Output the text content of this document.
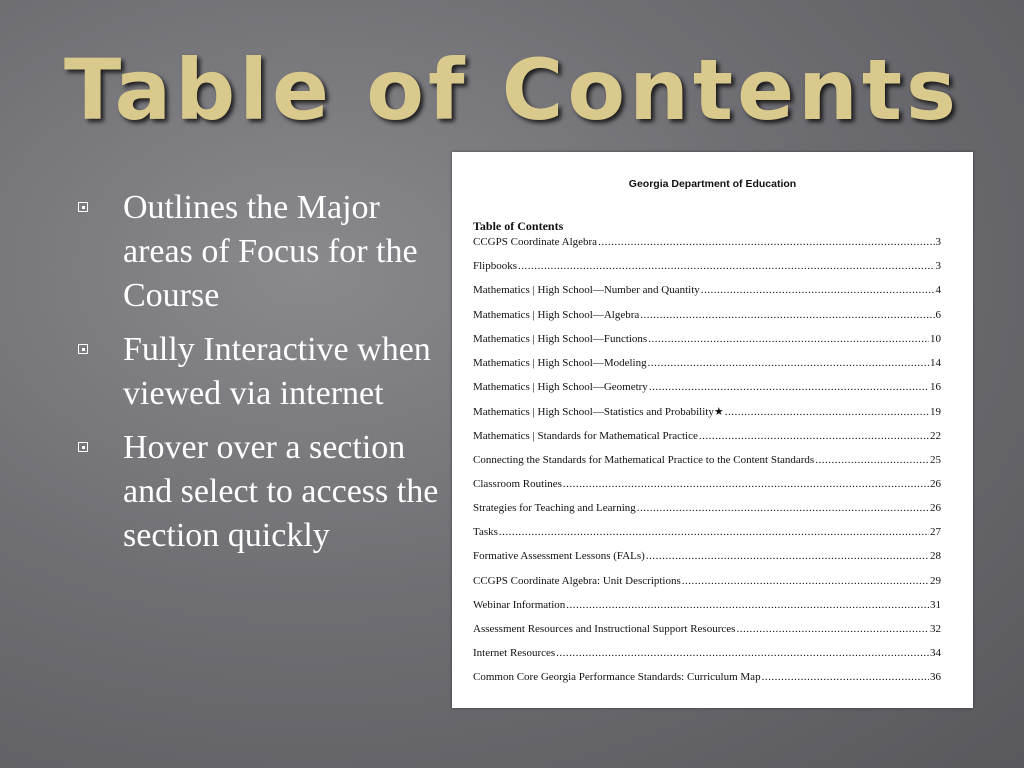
Table of Contents
Outlines the Major areas of Focus for the Course
Fully Interactive when viewed via internet
Hover over a section and select to access the section quickly
Georgia Department of Education
Table of Contents
CCGPS Coordinate Algebra .....	3
Flipbooks .....	3
Mathematics | High School—Number and Quantity .....	4
Mathematics | High School—Algebra .....	6
Mathematics | High School—Functions .....	10
Mathematics | High School—Modeling .....	14
Mathematics | High School—Geometry .....	16
Mathematics | High School—Statistics and Probability★ .....	19
Mathematics | Standards for Mathematical Practice .....	22
Connecting the Standards for Mathematical Practice to the Content Standards .....	25
Classroom Routines .....	26
Strategies for Teaching and Learning .....	26
Tasks .....	27
Formative Assessment Lessons (FALs) .....	28
CCGPS Coordinate Algebra: Unit Descriptions .....	29
Webinar Information .....	31
Assessment Resources and Instructional Support Resources .....	32
Internet Resources .....	34
Common Core Georgia Performance Standards: Curriculum Map .....	36
